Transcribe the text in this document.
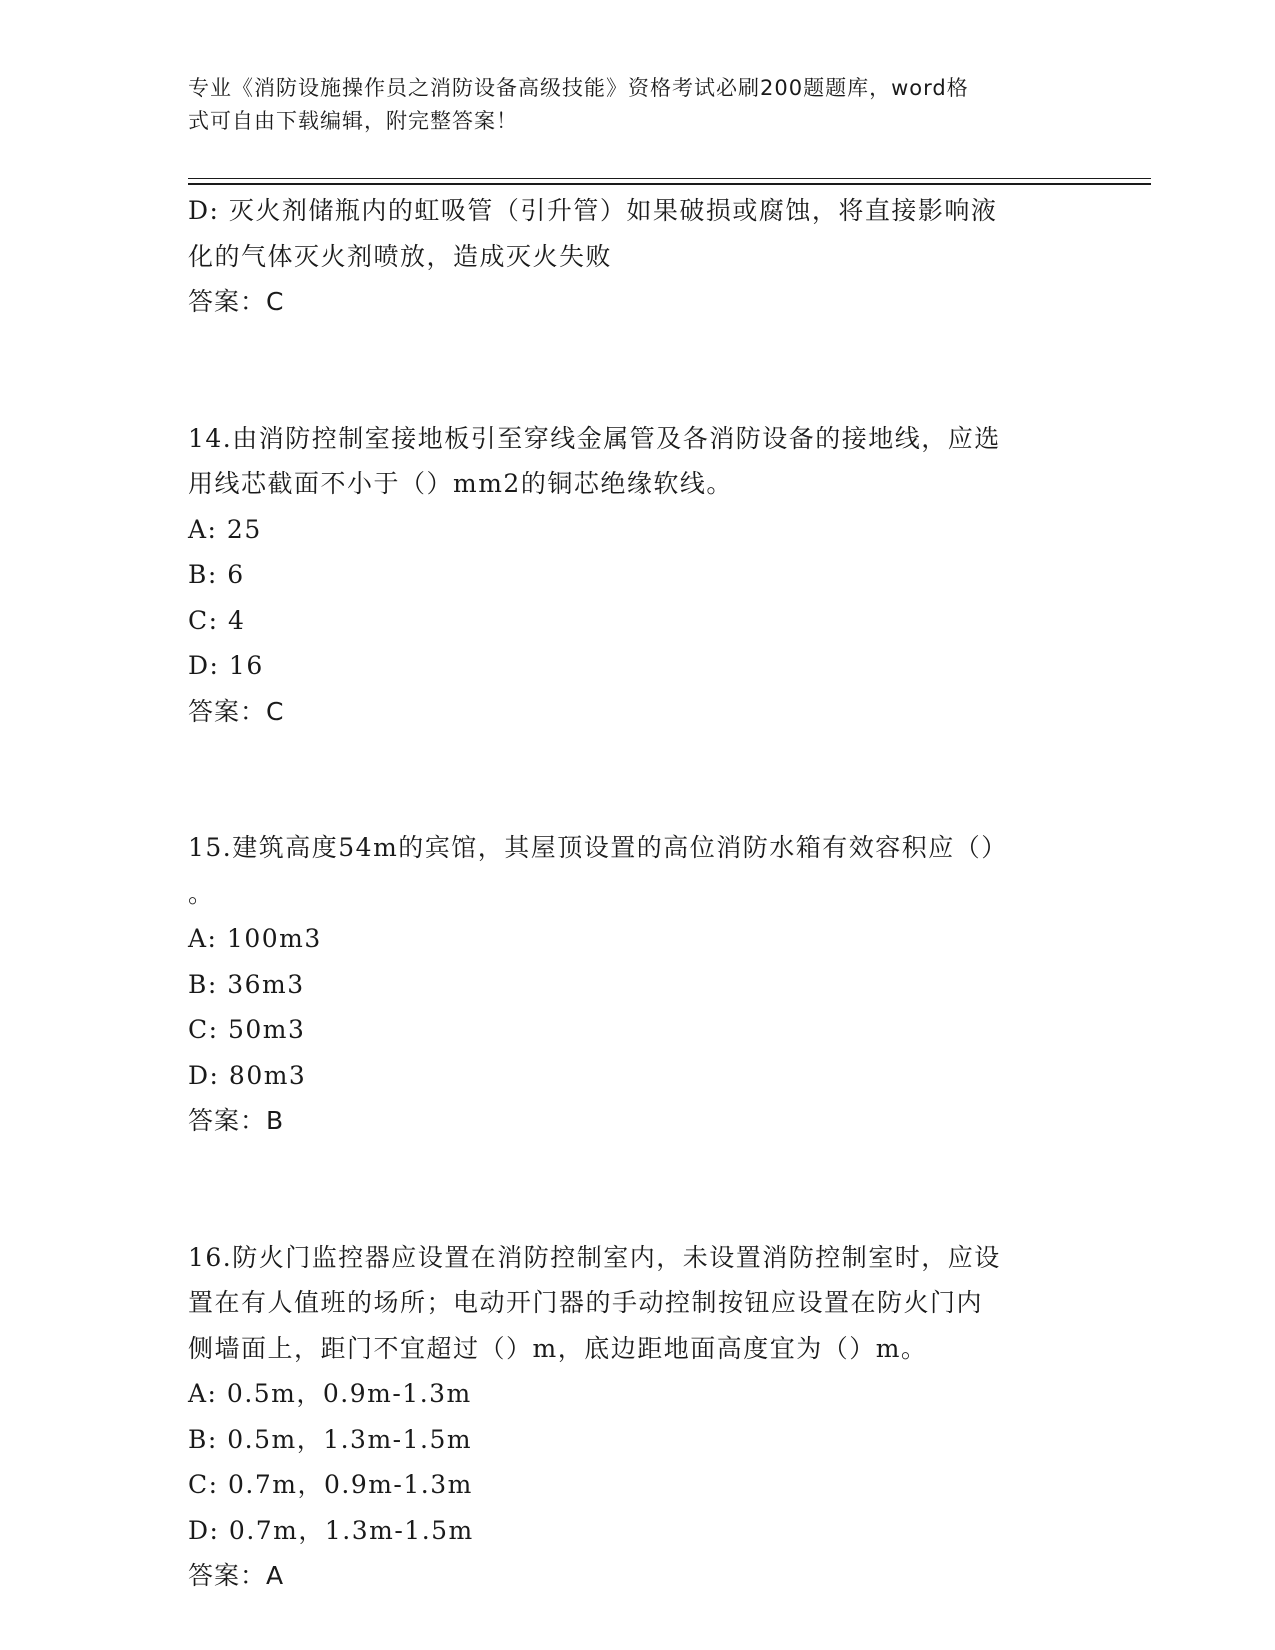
专业《消防设施操作员之消防设备高级技能》资格考试必刷200题题库，word格
式可自由下载编辑，附完整答案！
D: 灭火剂储瓶内的虹吸管（引升管）如果破损或腐蚀，将直接影响液
化的气体灭火剂喷放，造成灭火失败
答案：C
14.由消防控制室接地板引至穿线金属管及各消防设备的接地线，应选
用线芯截面不小于（）mm2的铜芯绝缘软线。
A: 25
B: 6
C: 4
D: 16
答案：C
15.建筑高度54m的宾馆，其屋顶设置的高位消防水箱有效容积应（）
。
A: 100m3
B: 36m3
C: 50m3
D: 80m3
答案：B
16.防火门监控器应设置在消防控制室内，未设置消防控制室时，应设
置在有人值班的场所；电动开门器的手动控制按钮应设置在防火门内
侧墙面上，距门不宜超过（）m，底边距地面高度宜为（）m。
A: 0.5m，0.9m-1.3m
B: 0.5m，1.3m-1.5m
C: 0.7m，0.9m-1.3m
D: 0.7m，1.3m-1.5m
答案：A
